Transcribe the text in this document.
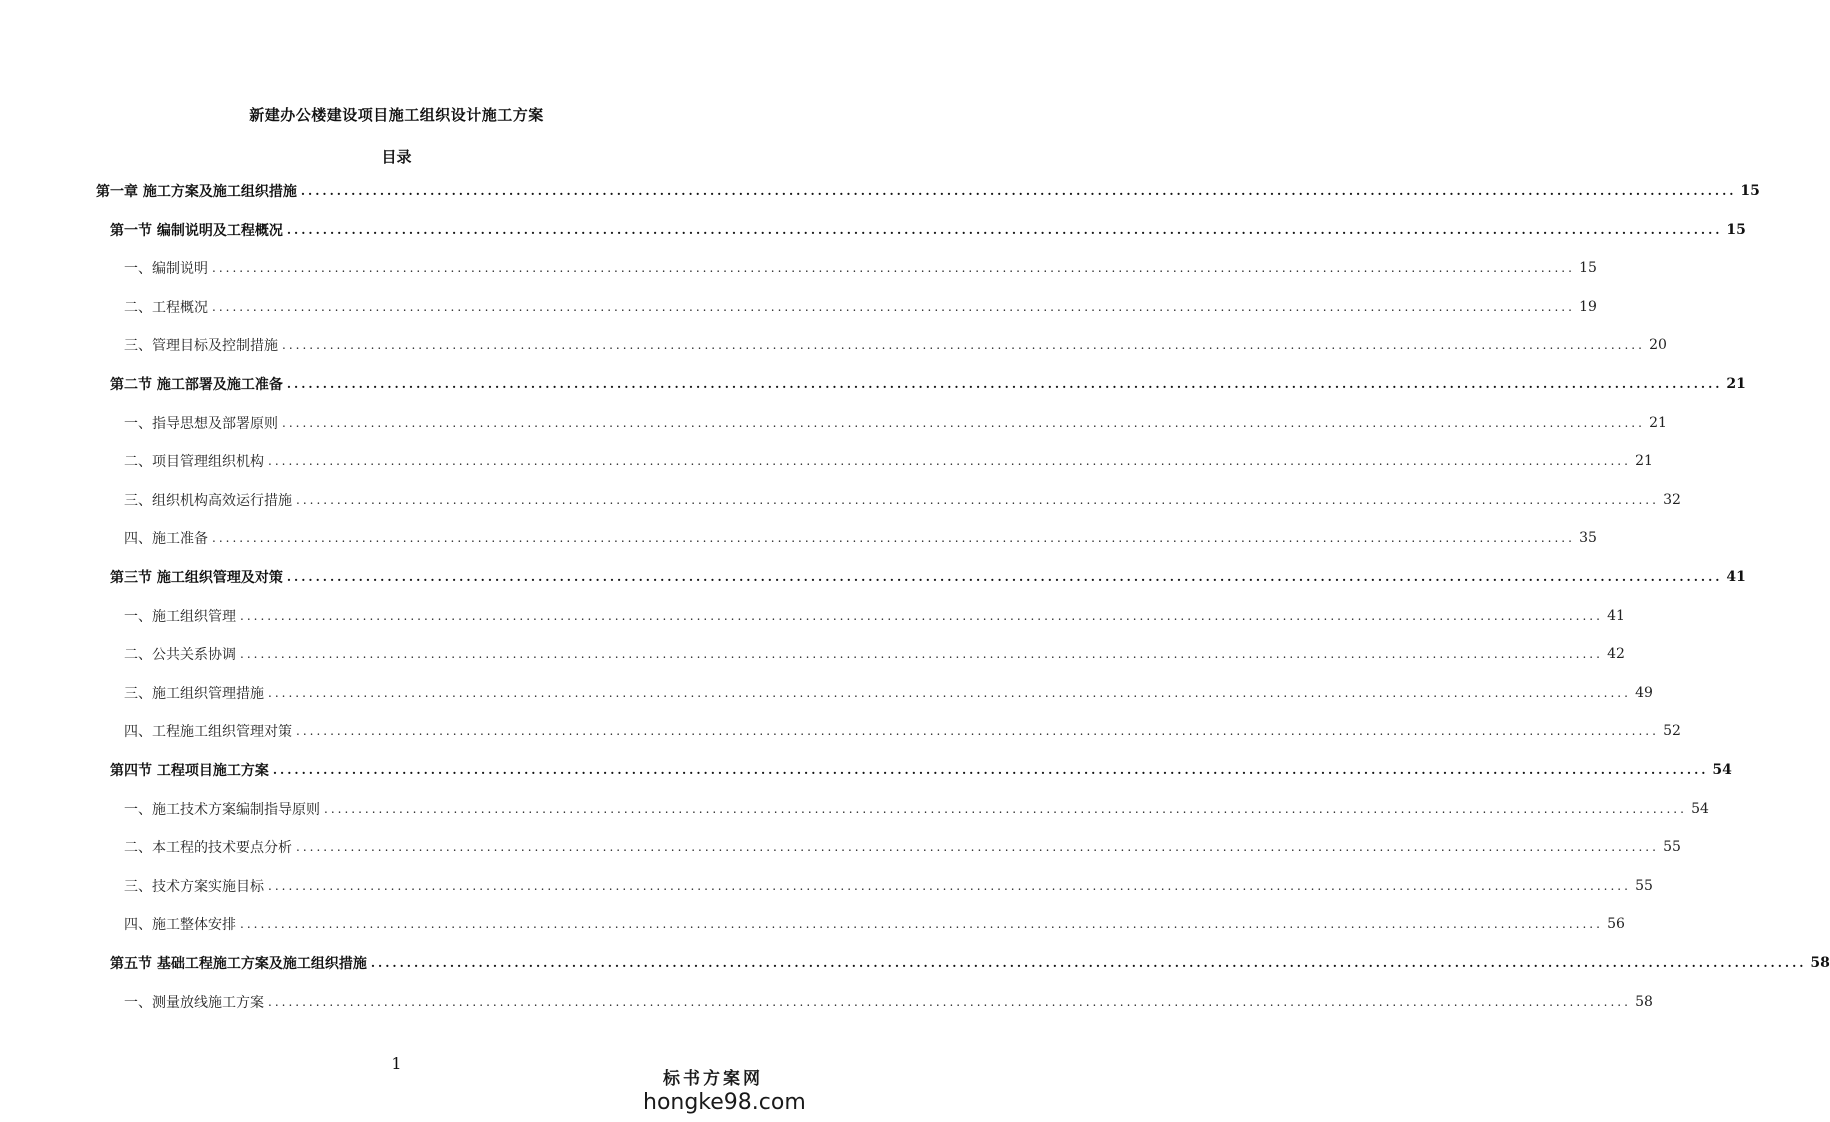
新建办公楼建设项目施工组织设计施工方案
目录
第一章 施工方案及施工组织措施 ........................................................................................................................................................................................................ 15
第一节 编制说明及工程概况 ........................................................................................................................................................................................................ 15
一、编制说明 ........................................................................................................................................................................................................ 15
二、工程概况 ........................................................................................................................................................................................................ 19
三、管理目标及控制措施 ........................................................................................................................................................................................................ 20
第二节 施工部署及施工准备 ........................................................................................................................................................................................................ 21
一、指导思想及部署原则 ........................................................................................................................................................................................................ 21
二、项目管理组织机构 ........................................................................................................................................................................................................ 21
三、组织机构高效运行措施 ........................................................................................................................................................................................................ 32
四、施工准备 ........................................................................................................................................................................................................ 35
第三节 施工组织管理及对策 ........................................................................................................................................................................................................ 41
一、施工组织管理 ........................................................................................................................................................................................................ 41
二、公共关系协调 ........................................................................................................................................................................................................ 42
三、施工组织管理措施 ........................................................................................................................................................................................................ 49
四、工程施工组织管理对策 ........................................................................................................................................................................................................ 52
第四节 工程项目施工方案 ........................................................................................................................................................................................................ 54
一、施工技术方案编制指导原则 ........................................................................................................................................................................................................ 54
二、本工程的技术要点分析 ........................................................................................................................................................................................................ 55
三、技术方案实施目标 ........................................................................................................................................................................................................ 55
四、施工整体安排 ........................................................................................................................................................................................................ 56
第五节 基础工程施工方案及施工组织措施 ........................................................................................................................................................................................................ 58
一、测量放线施工方案 ........................................................................................................................................................................................................ 58
1
标书方案网
hongke98.com
